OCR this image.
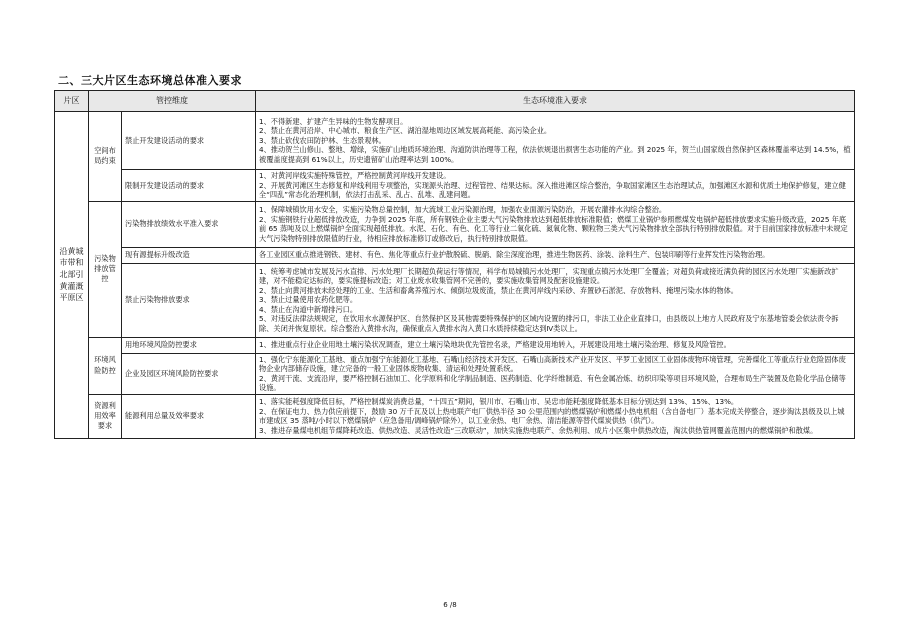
二、三大片区生态环境总体准入要求
片区	管控维度		生态环境准入要求
沿黄城市带和北部引黄灌溉平原区	空间布局约束	禁止开发建设活动的要求	1、不得新建、扩建产生异味的生物发酵项目。

2、禁止在黄河沿岸、中心城市、粮食生产区、湖泊湿地周边区域发展高耗能、高污染企业。

3、禁止砍伐农田防护林、生态景观林。

4、推动贺兰山修山、整地、增绿，实施矿山地质环境治理、沟道防洪治理等工程，依法依规退出损害生态功能的产业。到 2025 年，贺兰山国家级自然保护区森林覆盖率达到 14.5%，植被覆盖度提高到 61%以上，历史遗留矿山治理率达到 100%。

		限制开发建设活动的要求	1、对黄河岸线实施特殊管控，严格控制黄河岸线开发建设。

2、开展黄河滩区生态修复和岸线利用专项整治，实现源头治理、过程管控、结果达标。深入推进滩区综合整治，争取国家滩区生态治理试点，加强滩区水源和优质土地保护修复，建立健全“四乱”常态化治理机制，依法打击乱采、乱占、乱堆、乱建问题。

	污染物排放管控	污染物排放绩效水平准入要求	1、保障城镇饮用水安全，实施污染物总量控制，加大流域工业污染源治理，加强农业面源污染防治，开展农灌排水沟综合整治。

2、实施钢铁行业超低排放改造，力争到 2025 年底，所有钢铁企业主要大气污染物排放达到超低排放标准限值；燃煤工业锅炉参照燃煤发电锅炉超低排放要求实施升级改造，2025 年底前 65 蒸吨及以上燃煤锅炉全面实现超低排放。水泥、石化、有色、化工等行业二氧化硫、氮氧化物、颗粒物三类大气污染物排放全部执行特别排放限值。对于目前国家排放标准中未规定大气污染物特别排放限值的行业，待相应排放标准修订或修改后，执行特别排放限值。

		现有源提标升级改造	各工业园区重点推进钢铁、建材、有色、焦化等重点行业护散脱硫、脱硝、除尘深度治理，推进生物医药、涂装、涂料生产、包装印刷等行业挥发性污染物治理。

		禁止污染物排放要求	1、统筹考虑城市发展及污水直排、污水处理厂长期超负荷运行等情况，科学布局城镇污水处理厂，实现重点镇污水处理厂全覆盖；对超负荷或接近满负荷的园区污水处理厂实施新改扩建，对不能稳定达标的，要实施提标改造；对工业废水收集管网不完善的，要实施收集管网及配套设施建设。

2、禁止向黄河排放未经处理的工业、生活和畜禽养殖污水、倾倒垃圾废渣，禁止在黄河岸线内采砂、弃置砂石淤泥、存放物料、掩埋污染水体的物体。

3、禁止过量使用农药化肥等。

4、禁止在沟道中新增排污口。

5、对违反法律法规规定，在饮用水水源保护区、自然保护区及其他需要特殊保护的区域内设置的排污口，非法工业企业直排口，由县级以上地方人民政府及宁东基地管委会依法责令拆除、关闭并恢复原状。综合整治入黄排水沟，确保重点入黄排水沟入黄口水质持续稳定达到Ⅳ类以上。

	环境风险防控	用地环境风险防控要求	1、推进重点行业企业用地土壤污染状况调查，建立土壤污染地块优先管控名录，严格建设用地转入，开展建设用地土壤污染治理、修复及风险管控。

		企业及园区环境风险防控要求	1、强化宁东能源化工基地、重点加强宁东能源化工基地、石嘴山经济技术开发区、石嘴山高新技术产业开发区、平罗工业园区工业固体废物环境管理，完善煤化工等重点行业危险固体废物企业内部储存设施，建立完备的一般工业固体废物收集、清运和处理处置系统。

2、黄河干流、支流沿岸，要严格控制石油加工、化学原料和化学制品制造、医药制造、化学纤维制造、有色金属冶炼、纺织印染等项目环境风险，合理布局生产装置及危险化学品仓储等设施。

	资源利用效率要求	能源利用总量及效率要求	1、落实能耗强度降低目标，严格控制煤炭消费总量，“十四五”期间，银川市、石嘴山市、吴忠市能耗强度降低基本目标分别达到 13%、15%、13%。

2、在保证电力、热力供应前提下，鼓励 30 万千瓦及以上热电联产电厂供热半径 30 公里范围内的燃煤锅炉和燃煤小热电机组（含自备电厂）基本完成关停整合，逐步淘汰县级及以上城市建成区 35 蒸吨/小时以下燃煤锅炉（应急备用/调峰锅炉除外），以工业余热、电厂余热、清洁能源等替代煤炭供热（供汽）。

3、推进存量煤电机组节煤降耗改造、供热改造、灵活性改造“三改联动”，加快实施热电联产、余热利用、成片小区集中供热改造，淘汰供热管网覆盖范围内的燃煤锅炉和散煤。

6 /8
